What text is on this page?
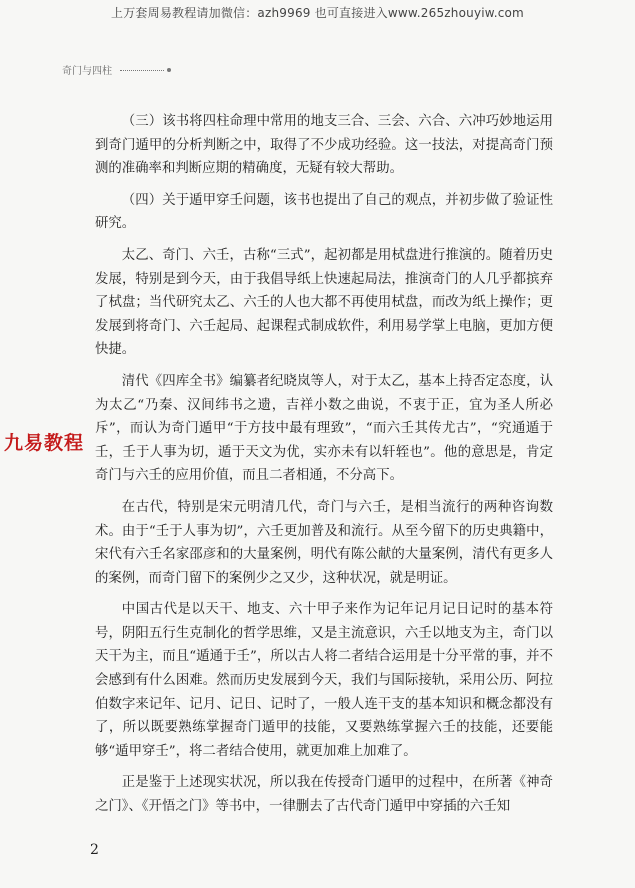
上万套周易教程请加微信：azh9969 也可直接进入www.265zhouyiw.com
奇门与四柱

（三）该书将四柱命理中常用的地支三合、三会、六合、六冲巧妙地运用到奇门遁甲的分析判断之中，取得了不少成功经验。这一技法，对提高奇门预测的准确率和判断应期的精确度，无疑有较大帮助。

（四）关于遁甲穿壬问题，该书也提出了自己的观点，并初步做了验证性研究。

太乙、奇门、六壬，古称“三式”，起初都是用栻盘进行推演的。随着历史发展，特别是到今天，由于我倡导纸上快速起局法，推演奇门的人几乎都摈弃了栻盘；当代研究太乙、六壬的人也大都不再使用栻盘，而改为纸上操作；更发展到将奇门、六壬起局、起课程式制成软件，利用易学掌上电脑，更加方便快捷。

清代《四库全书》编纂者纪晓岚等人，对于太乙，基本上持否定态度，认为太乙“乃秦、汉间纬书之遗，吉祥小数之曲说，不衷于正，宜为圣人所必斥”，而认为奇门遁甲“于方技中最有理致”，“而六壬其传尤古”，“究通遁于壬，壬于人事为切，遁于天文为优，实亦未有以轩轾也”。他的意思是，肯定奇门与六壬的应用价值，而且二者相通，不分高下。

在古代，特别是宋元明清几代，奇门与六壬，是相当流行的两种咨询数术。由于“壬于人事为切”，六壬更加普及和流行。从至今留下的历史典籍中，宋代有六壬名家邵彦和的大量案例，明代有陈公献的大量案例，清代有更多人的案例，而奇门留下的案例少之又少，这种状况，就是明证。

中国古代是以天干、地支、六十甲子来作为记年记月记日记时的基本符号，阴阳五行生克制化的哲学思维，又是主流意识，六壬以地支为主，奇门以天干为主，而且“遁通于壬”，所以古人将二者结合运用是十分平常的事，并不会感到有什么困难。然而历史发展到今天，我们与国际接轨，采用公历、阿拉伯数字来记年、记月、记日、记时了，一般人连干支的基本知识和概念都没有了，所以既要熟练掌握奇门遁甲的技能，又要熟练掌握六壬的技能，还要能够“遁甲穿壬”，将二者结合使用，就更加难上加难了。

正是鉴于上述现实状况，所以我在传授奇门遁甲的过程中，在所著《神奇之门》、《开悟之门》等书中，一律删去了古代奇门遁甲中穿插的六壬知

九易教程
2
